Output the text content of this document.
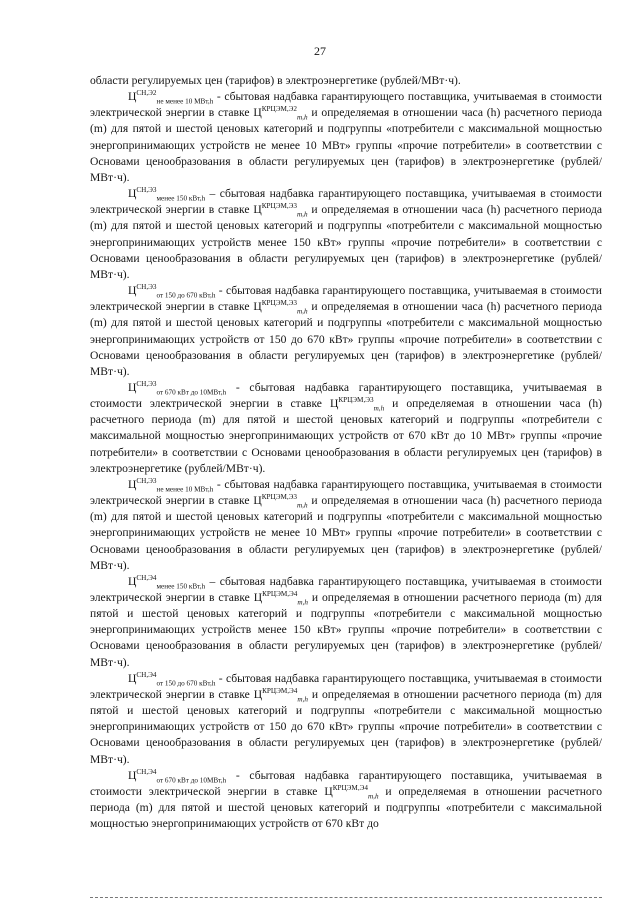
27

области регулируемых цен (тарифов) в электроэнергетике (рублей/МВт·ч).

$Ц^{СН,Э2}_{не менее 10 МВт,h}$ - сбытовая надбавка гарантирующего поставщика, учитываемая в стоимости электрической энергии в ставке $Ц^{КРЦЭМ,Э2}_{m,h}$ и определяемая в отношении часа (h) расчетного периода (m) для пятой и шестой ценовых категорий и подгруппы «потребители с максимальной мощностью энергопринимающих устройств не менее 10 МВт» группы «прочие потребители» в соответствии с Основами ценообразования в области регулируемых цен (тарифов) в электроэнергетике (рублей/МВт·ч).

$Ц^{СН,Э3}_{менее 150 кВт,h}$ – сбытовая надбавка гарантирующего поставщика, учитываемая в стоимости электрической энергии в ставке $Ц^{КРЦЭМ,Э3}_{m,h}$ и определяемая в отношении часа (h) расчетного периода (m) для пятой и шестой ценовых категорий и подгруппы «потребители с максимальной мощностью энергопринимающих устройств менее 150 кВт» группы «прочие потребители» в соответствии с Основами ценообразования в области регулируемых цен (тарифов) в электроэнергетике (рублей/МВт·ч).

$Ц^{СН,Э3}_{от 150 до 670 кВт,h}$ - сбытовая надбавка гарантирующего поставщика, учитываемая в стоимости электрической энергии в ставке $Ц^{КРЦЭМ,Э3}_{m,h}$ и определяемая в отношении часа (h) расчетного периода (m) для пятой и шестой ценовых категорий и подгруппы «потребители с максимальной мощностью энергопринимающих устройств от 150 до 670 кВт» группы «прочие потребители» в соответствии с Основами ценообразования в области регулируемых цен (тарифов) в электроэнергетике (рублей/МВт·ч).

$Ц^{СН,Э3}_{от 670 кВт до 10МВт,h}$ - сбытовая надбавка гарантирующего поставщика, учитываемая в стоимости электрической энергии в ставке $Ц^{КРЦЭМ,Э3}_{m,h}$ и определяемая в отношении часа (h) расчетного периода (m) для пятой и шестой ценовых категорий и подгруппы «потребители с максимальной мощностью энергопринимающих устройств от 670 кВт до 10 МВт» группы «прочие потребители» в соответствии с Основами ценообразования в области регулируемых цен (тарифов) в электроэнергетике (рублей/МВт·ч).

$Ц^{СН,Э3}_{не менее 10 МВт,h}$ - сбытовая надбавка гарантирующего поставщика, учитываемая в стоимости электрической энергии в ставке $Ц^{КРЦЭМ,Э3}_{m,h}$ и определяемая в отношении часа (h) расчетного периода (m) для пятой и шестой ценовых категорий и подгруппы «потребители с максимальной мощностью энергопринимающих устройств не менее 10 МВт» группы «прочие потребители» в соответствии с Основами ценообразования в области регулируемых цен (тарифов) в электроэнергетике (рублей/МВт·ч).

$Ц^{СН,Э4}_{менее 150 кВт,h}$ – сбытовая надбавка гарантирующего поставщика, учитываемая в стоимости электрической энергии в ставке $Ц^{КРЦЭМ,Э4}_{m,h}$ и определяемая в отношении расчетного периода (m) для пятой и шестой ценовых категорий и подгруппы «потребители с максимальной мощностью энергопринимающих устройств менее 150 кВт» группы «прочие потребители» в соответствии с Основами ценообразования в области регулируемых цен (тарифов) в электроэнергетике (рублей/МВт·ч).

$Ц^{СН,Э4}_{от 150 до 670 кВт,h}$ - сбытовая надбавка гарантирующего поставщика, учитываемая в стоимости электрической энергии в ставке $Ц^{КРЦЭМ,Э4}_{m,h}$ и определяемая в отношении расчетного периода (m) для пятой и шестой ценовых категорий и подгруппы «потребители с максимальной мощностью энергопринимающих устройств от 150 до 670 кВт» группы «прочие потребители» в соответствии с Основами ценообразования в области регулируемых цен (тарифов) в электроэнергетике (рублей/МВт·ч).

$Ц^{СН,Э4}_{от 670 кВт до 10МВт,h}$ - сбытовая надбавка гарантирующего поставщика, учитываемая в стоимости электрической энергии в ставке $Ц^{КРЦЭМ,Э4}_{m,h}$ и определяемая в отношении расчетного периода (m) для пятой и шестой ценовых категорий и подгруппы «потребители с максимальной мощностью энергопринимающих устройств от 670 кВт до
